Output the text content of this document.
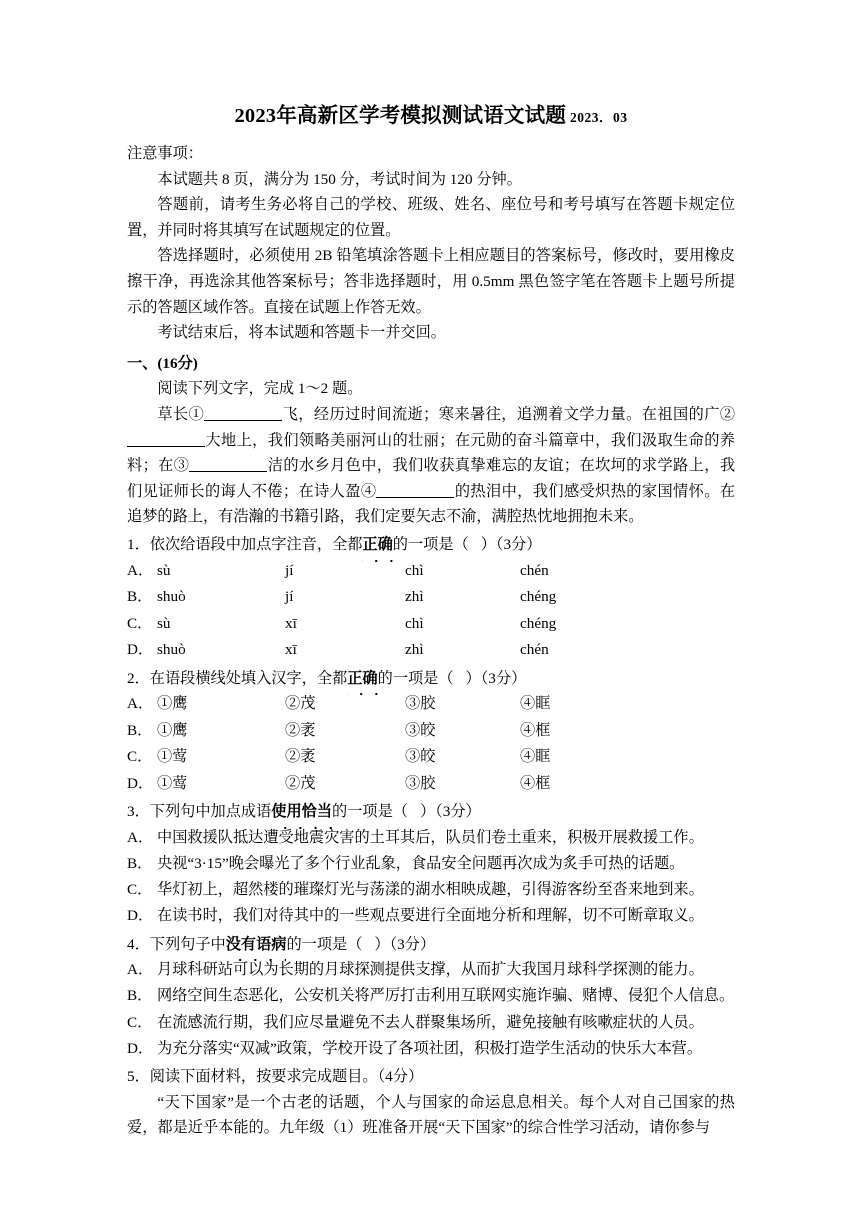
2023年高新区学考模拟测试语文试题 2023．03

注意事项：

本试题共 8 页，满分为 150 分，考试时间为 120 分钟。

答题前，请考生务必将自己的学校、班级、姓名、座位号和考号填写在答题卡规定位置，并同时将其填写在试题规定的位置。

答选择题时，必须使用 2B 铅笔填涂答题卡上相应题目的答案标号，修改时，要用橡皮擦干净，再选涂其他答案标号；答非选择题时，用 0.5mm 黑色签字笔在答题卡上题号所提示的答题区域作答。直接在试题上作答无效。

考试结束后，将本试题和答题卡一并交回。

一、(16分)

阅读下列文字，完成 1～2 题。

草长①	飞，经历过时间流逝；寒来暑往，追溯着文学力量。在祖国的广②大地上，我们领略美丽河山的壮丽；在元勋的奋斗篇章中，我们汲取生命的养料；在③	洁的水乡月色中，我们收获真挚难忘的友谊；在坎坷的求学路上，我们见证师长的诲人不倦；在诗人盈④	的热泪中，我们感受炽热的家国情怀。在追梦的路上，有浩瀚的书籍引路，我们定要矢志不渝，满腔热忱地拥抱未来。

1．依次给语段中加点字注音，全都正确的一项是（ ）（3分）

A． sù	jí	chì	chén
B． shuò	jí	zhì	chéng
C． sù	xī	chì	chéng
D． shuò	xī	zhì	chén

2．在语段横线处填入汉字，全都正确的一项是（ ）（3分）

A． ①鹰	②茂	③胶	④眶
B． ①鹰	②袤	③皎	④框
C． ①莺	②袤	③皎	④眶
D． ①莺	②茂	③胶	④框

3．下列句中加点成语使用恰当的一项是（ ）（3分）

A． 中国救援队抵达遭受地震灾害的土耳其后，队员们卷土重来，积极开展救援工作。
B． 央视“3·15”晚会曝光了多个行业乱象，食品安全问题再次成为炙手可热的话题。
C． 华灯初上，超然楼的璀璨灯光与荡漾的湖水相映成趣，引得游客纷至沓来地到来。
D． 在读书时，我们对待其中的一些观点要进行全面地分析和理解，切不可断章取义。

4．下列句子中没有语病的一项是（ ）（3分）

A． 月球科研站可以为长期的月球探测提供支撑，从而扩大我国月球科学探测的能力。
B． 网络空间生态恶化，公安机关将严厉打击利用互联网实施诈骗、赌博、侵犯个人信息。
C． 在流感流行期，我们应尽量避免不去人群聚集场所，避免接触有咳嗽症状的人员。
D． 为充分落实“双减”政策，学校开设了各项社团，积极打造学生活动的快乐大本营。

5．阅读下面材料，按要求完成题目。（4分）

“天下国家”是一个古老的话题，个人与国家的命运息息相关。每个人对自己国家的热爱，都是近乎本能的。九年级（1）班准备开展“天下国家”的综合性学习活动，请你参与
